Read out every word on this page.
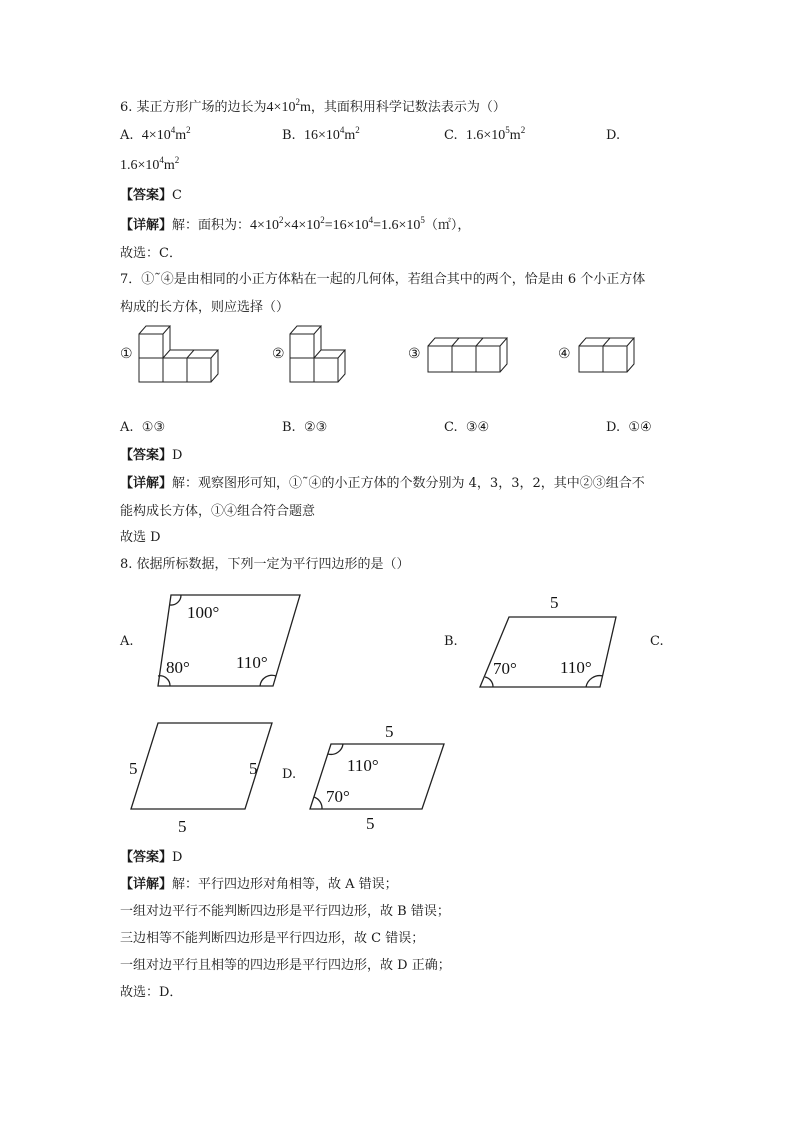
6. 某正方形广场的边长为$4\times 10^2m$，其面积用科学记数法表示为（）
A. $4\times 10^4m^2$	B. $16\times 10^4m^2$	C. $1.6\times 10^5m^2$	D.
$1.6\times 10^4m^2$
【答案】C
【详解】解：面积为：$4\times 10^2\times 4\times 10^2=16\times 10^4=1.6\times 10^5(㎡)$，
故选：C．
7．①˜④是由相同的小正方体粘在一起的几何体，若组合其中的两个，恰是由 6 个小正方体
构成的长方体，则应选择（）
①	②	③	④
A. ①③	B. ②③	C. ③④	D. ①④
【答案】D
【详解】解：观察图形可知，①˜④的小正方体的个数分别为 4，3，3，2，其中②③组合不
能构成长方体，①④组合符合题意
故选 D
8. 依据所标数据，下列一定为平行四边形的是（）
A.	B.	C.
D.
100°
80°	110°
5
70°	110°
5	5
5
5
5
110°
70°
【答案】D
【详解】解：平行四边形对角相等，故 A 错误；
一组对边平行不能判断四边形是平行四边形，故 B 错误；
三边相等不能判断四边形是平行四边形，故 C 错误；
一组对边平行且相等的四边形是平行四边形，故 D 正确；
故选：D．
